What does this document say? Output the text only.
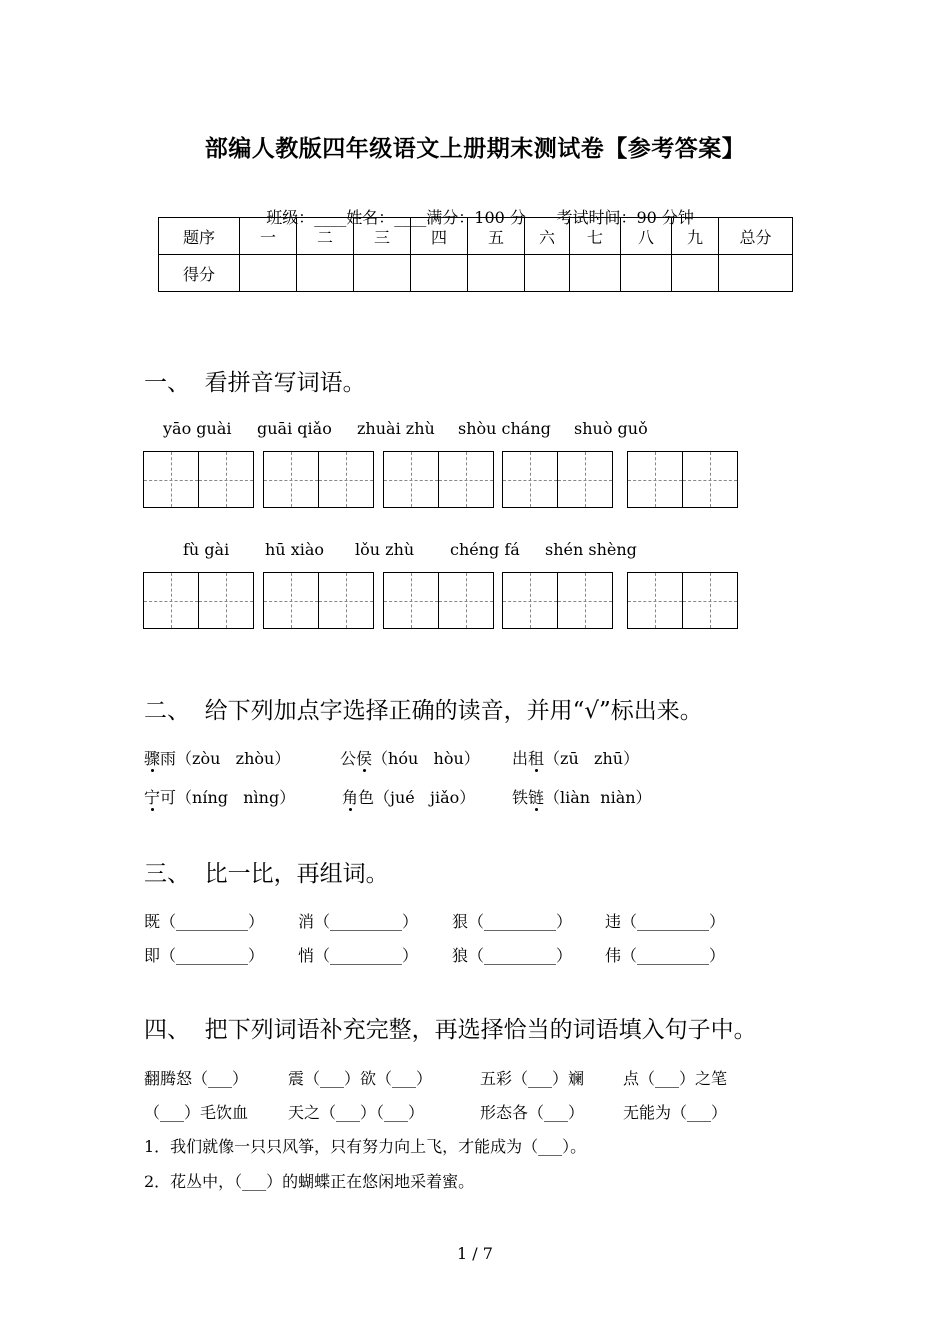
部编人教版四年级语文上册期末测试卷【参考答案】

班级：____姓名：____满分：100 分 考试时间：90 分钟

题序	一	二	三	四	五	六	七	八	九	总分
得分										
一、  看拼音写词语。
yāo guài guāi qiǎo zhuài zhù shòu cháng shuò guǒ
fù gài hū xiào lǒu zhù chéng fá shén shèng
二、  给下列加点字选择正确的读音，并用“√”标出来。
骤雨（zòu   zhòu）	公侯（hóu   hòu） 出租（zū   zhū）
宁可（níng   nìng）	角色（jué   jiǎo） 铁链（liàn  niàn）
三、  比一比，再组词。
既（_________） 消（_________） 狠（_________） 违（_________）
即（_________） 悄（_________） 狼（_________） 伟（_________）
四、  把下列词语补充完整，再选择恰当的词语填入句子中。
翻腾怒（___） 震（___）欲（___）	五彩（___）斓 点（___）之笔
（___）毛饮血 天之（___）（___）	形态各（___） 无能为（___）
1．我们就像一只只风筝，只有努力向上飞，才能成为（___）。
2．花丛中，（___）的蝴蝶正在悠闲地采着蜜。
1 / 7
